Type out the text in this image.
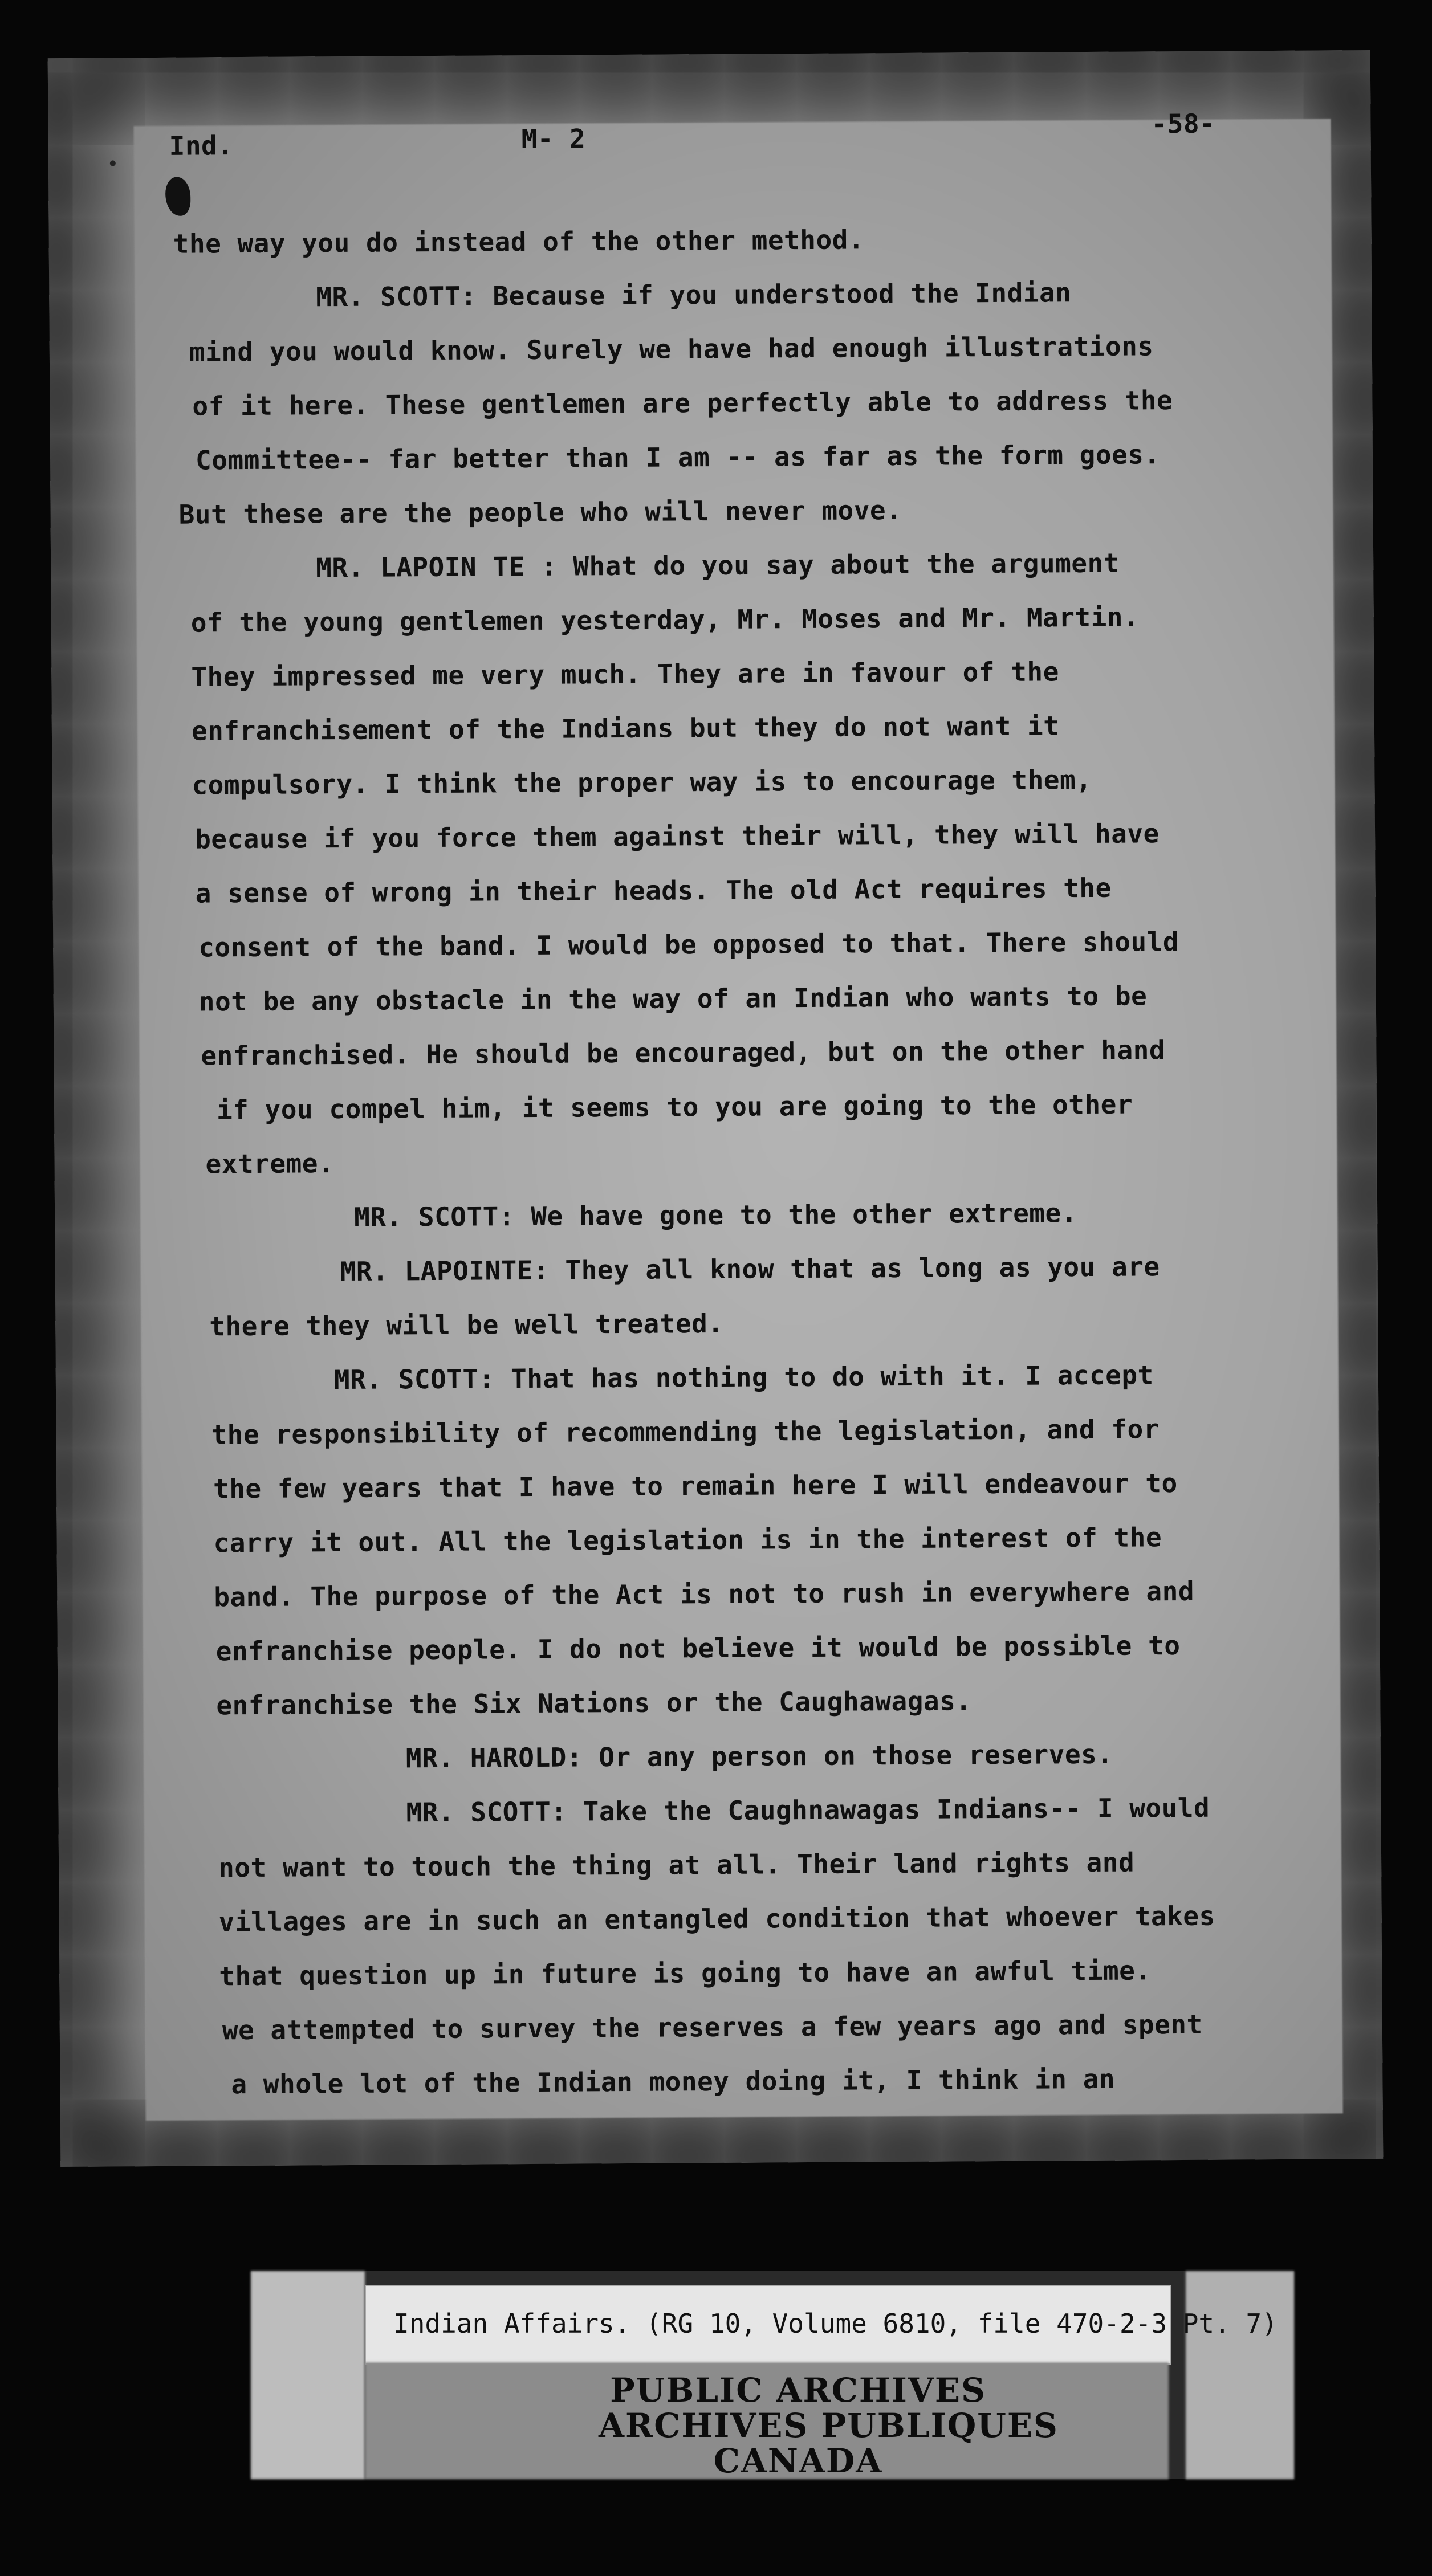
Ind.	M- 2	-58-
the way you do instead of the other method.
MR. SCOTT: Because if you understood the Indian
mind you would know. Surely we have had enough illustrations
of it here. These gentlemen are perfectly able to address the
Committee-- far better than I am -- as far as the form goes.
But these are the people who will never move.
MR. LAPOIN TE : What do you say about the argument
of the young gentlemen yesterday, Mr. Moses and Mr. Martin.
They impressed me very much. They are in favour of the
enfranchisement of the Indians but they do not want it
compulsory. I think the proper way is to encourage them,
because if you force them against their will, they will have
a sense of wrong in their heads. The old Act requires the
consent of the band. I would be opposed to that. There should
not be any obstacle in the way of an Indian who wants to be
enfranchised. He should be encouraged, but on the other hand
if you compel him, it seems to you are going to the other
extreme.
MR. SCOTT: We have gone to the other extreme.
MR. LAPOINTE: They all know that as long as you are
there they will be well treated.
MR. SCOTT: That has nothing to do with it. I accept
the responsibility of recommending the legislation, and for
the few years that I have to remain here I will endeavour to
carry it out. All the legislation is in the interest of the
band. The purpose of the Act is not to rush in everywhere and
enfranchise people. I do not believe it would be possible to
enfranchise the Six Nations or the Caughawagas.
MR. HAROLD: Or any person on those reserves.
MR. SCOTT: Take the Caughnawagas Indians-- I would
not want to touch the thing at all. Their land rights and
villages are in such an entangled condition that whoever takes
that question up in future is going to have an awful time.
we attempted to survey the reserves a few years ago and spent
a whole lot of the Indian money doing it, I think in an
Indian Affairs. (RG 10, Volume 6810, file 470-2-3 Pt. 7)
PUBLIC ARCHIVES
ARCHIVES PUBLIQUES
CANADA
